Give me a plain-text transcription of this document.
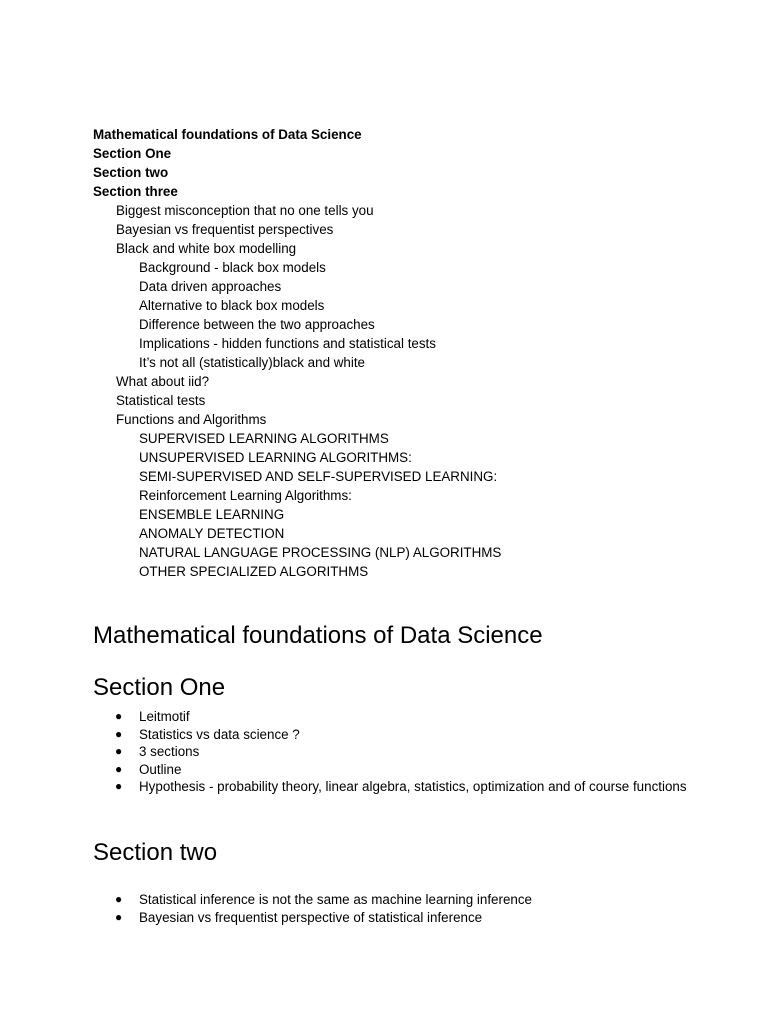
Mathematical foundations of Data Science
Section One
Section two
Section three
Biggest misconception that no one tells you
Bayesian vs frequentist perspectives
Black and white box modelling
Background - black box models
Data driven approaches
Alternative to black box models
Difference between the two approaches
Implications - hidden functions and statistical tests
It’s not all (statistically)black and white
What about iid?
Statistical tests
Functions and Algorithms
SUPERVISED LEARNING ALGORITHMS
UNSUPERVISED LEARNING ALGORITHMS:
SEMI-SUPERVISED AND SELF-SUPERVISED LEARNING:
Reinforcement Learning Algorithms:
ENSEMBLE LEARNING
ANOMALY DETECTION
NATURAL LANGUAGE PROCESSING (NLP) ALGORITHMS
OTHER SPECIALIZED ALGORITHMS
Mathematical foundations of Data Science
Section One
● Leitmotif
● Statistics vs data science ?
● 3 sections
● Outline
● Hypothesis - probability theory, linear algebra, statistics, optimization and of course functions
Section two
● Statistical inference is not the same as machine learning inference
● Bayesian vs frequentist perspective of statistical inference
